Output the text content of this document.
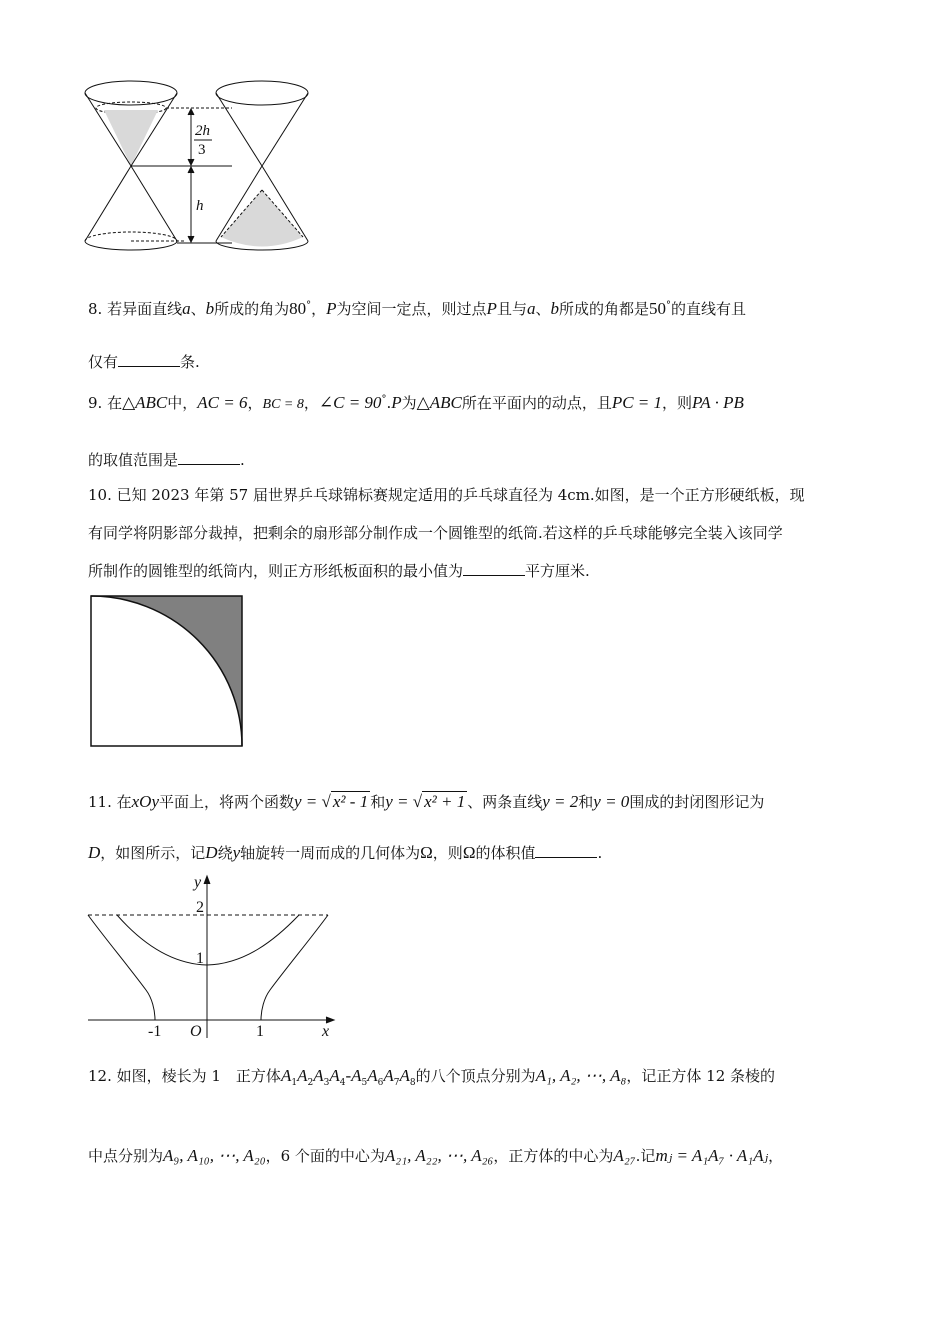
2h
3
h
8. 若异面直线a、b所成的角为80°，P为空间一定点，则过点P且与a、b所成的角都是50°的直线有且
仅有	条.
9. 在△ABC中，AC = 6，BC = 8，∠C = 90°.P为△ABC所在平面内的动点，且PC = 1，则PA · PB
的取值范围是	.
10. 已知 2023 年第 57 届世界乒乓球锦标赛规定适用的乒乓球直径为 4cm.如图，是一个正方形硬纸板，现
有同学将阴影部分裁掉，把剩余的扇形部分制作成一个圆锥型的纸筒.若这样的乒乓球能够完全装入该同学
所制作的圆锥型的纸筒内，则正方形纸板面积的最小值为	平方厘米.
11. 在xOy平面上，将两个函数y = √ x² - 1 和y = √ x² + 1 、两条直线y = 2和y = 0围成的封闭图形记为
D，如图所示，记D绕y轴旋转一周而成的几何体为Ω，则Ω的体积值	.
y
x
2
1
-1 O	1
12. 如图，棱长为 1　正方体$A_1A_2A_3A_4-A_5A_6A_7A_8$的八个顶点分别为A₁, A₂, ⋯, A₈，记正方体 12 条棱的
中点分别为A₉, A₁₀, ⋯, A₂₀，6 个面的中心为A₂₁, A₂₂, ⋯, A₂₆，正方体的中心为A₂₇.记mⱼ = A₁A₇ · A₁Aⱼ，
